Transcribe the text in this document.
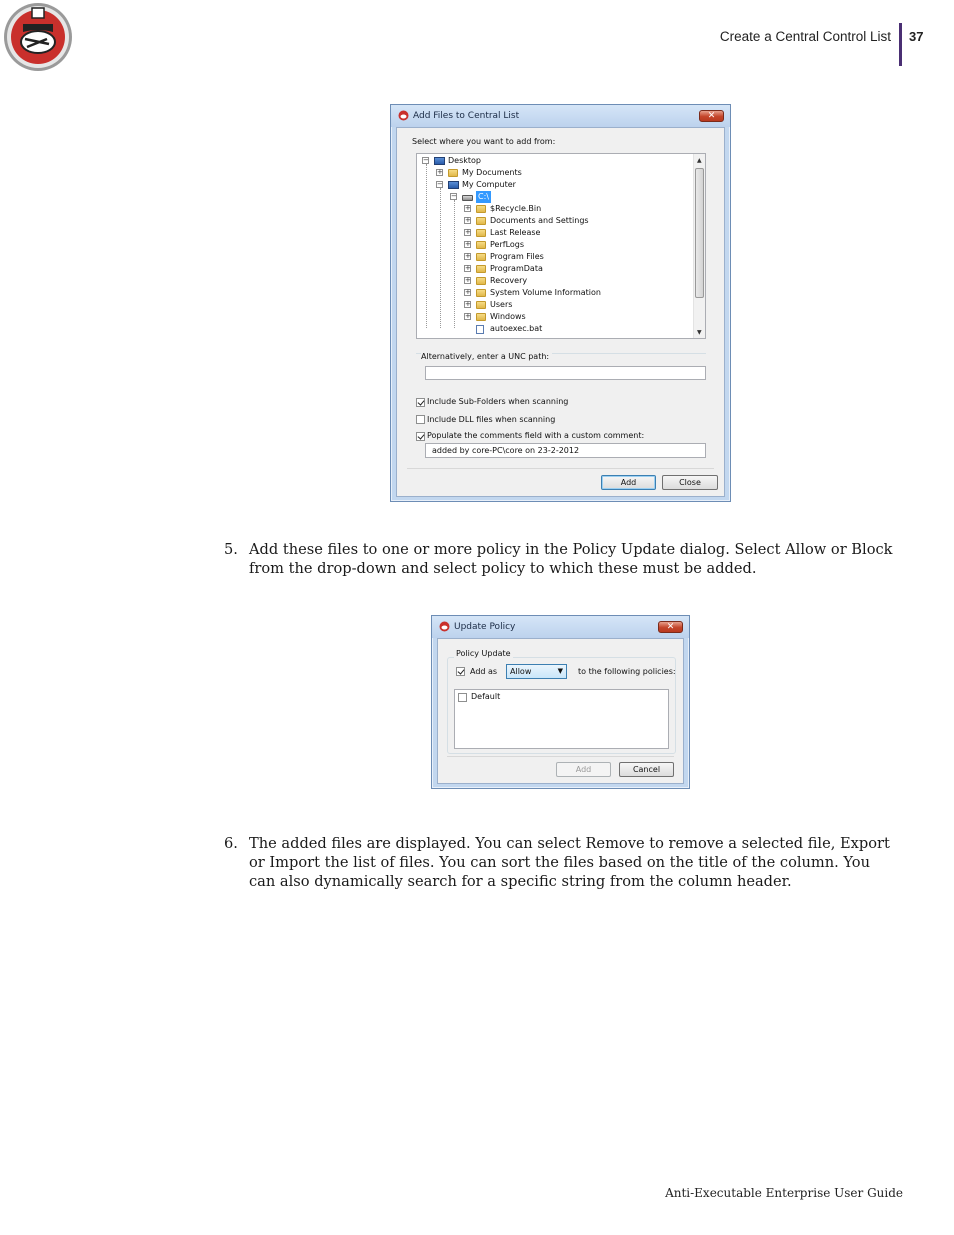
Create a Central Control List 37
Add Files to Central List	✕
Select where you want to add from:
− Desktop
+ My Documents
− My Computer
−	C:\
+ $Recycle.Bin
+ Documents and Settings
+ Last Release
+ PerfLogs
+ Program Files
+ ProgramData
+ Recovery
+ System Volume Information
+ Users
+ Windows
autoexec.bat
▲
▼
Alternatively, enter a UNC path:
Include Sub-Folders when scanning
Include DLL files when scanning
Populate the comments field with a custom comment:
added by core-PC\core on 23-2-2012
Add	Close
5. Add these files to one or more policy in the Policy Update dialog. Select Allow or Block from the drop-down and select policy to which these must be added.
Update Policy	✕
Policy Update
Add as Allow	▼ to the following policies:
Default
Add	Cancel
6. The added files are displayed. You can select Remove to remove a selected file, Export or Import the list of files. You can sort the files based on the title of the column. You can also dynamically search for a specific string from the column header.
Anti-Executable Enterprise User Guide
